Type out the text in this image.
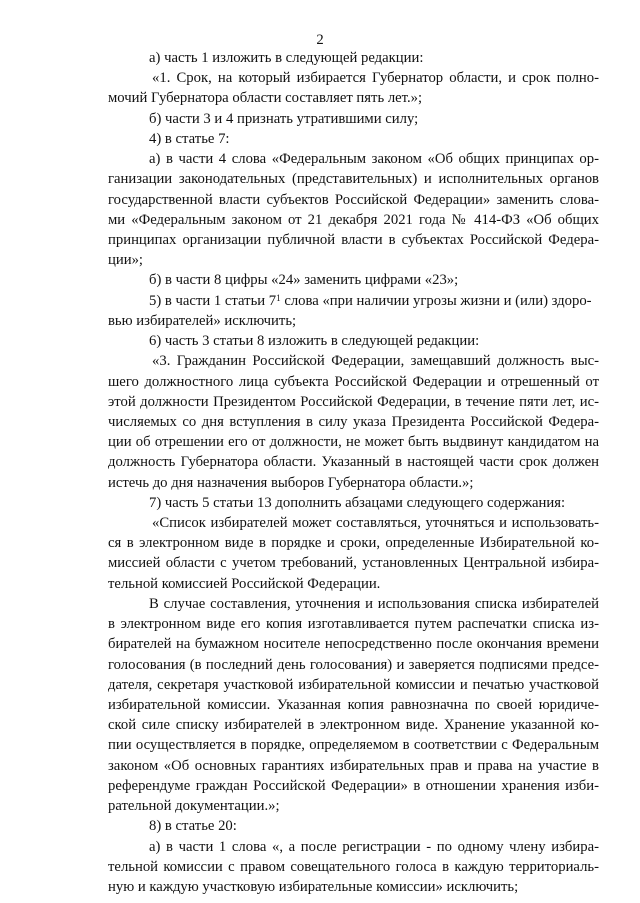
2
а) часть 1 изложить в следующей редакции:
«1. Срок, на который избирается Губернатор области, и срок полно-
мочий Губернатора области составляет пять лет.»;
б) части 3 и 4 признать утратившими силу;
4) в статье 7:
а) в части 4 слова «Федеральным законом «Об общих принципах ор-
ганизации законодательных (представительных) и исполнительных органов
государственной власти субъектов Российской Федерации» заменить слова-
ми «Федеральным законом от 21 декабря 2021 года № 414-ФЗ «Об общих
принципах организации публичной власти в субъектах Российской Федера-
ции»;
б) в части 8 цифры «24» заменить цифрами «23»;
5) в части 1 статьи $7^1$ слова «при наличии угрозы жизни и (или) здоро-
вью избирателей» исключить;
6) часть 3 статьи 8 изложить в следующей редакции:
«3. Гражданин Российской Федерации, замещавший должность выс-
шего должностного лица субъекта Российской Федерации и отрешенный от
этой должности Президентом Российской Федерации, в течение пяти лет, ис-
числяемых со дня вступления в силу указа Президента Российской Федера-
ции об отрешении его от должности, не может быть выдвинут кандидатом на
должность Губернатора области. Указанный в настоящей части срок должен
истечь до дня назначения выборов Губернатора области.»;
7) часть 5 статьи 13 дополнить абзацами следующего содержания:
«Список избирателей может составляться, уточняться и использовать-
ся в электронном виде в порядке и сроки, определенные Избирательной ко-
миссией области с учетом требований, установленных Центральной избира-
тельной комиссией Российской Федерации.
В случае составления, уточнения и использования списка избирателей
в электронном виде его копия изготавливается путем распечатки списка из-
бирателей на бумажном носителе непосредственно после окончания времени
голосования (в последний день голосования) и заверяется подписями предсе-
дателя, секретаря участковой избирательной комиссии и печатью участковой
избирательной комиссии. Указанная копия равнозначна по своей юридиче-
ской силе списку избирателей в электронном виде. Хранение указанной ко-
пии осуществляется в порядке, определяемом в соответствии с Федеральным
законом «Об основных гарантиях избирательных прав и права на участие в
референдуме граждан Российской Федерации» в отношении хранения изби-
рательной документации.»;
8) в статье 20:
а) в части 1 слова «, а после регистрации - по одному члену избира-
тельной комиссии с правом совещательного голоса в каждую территориаль-
ную и каждую участковую избирательные комиссии» исключить;
